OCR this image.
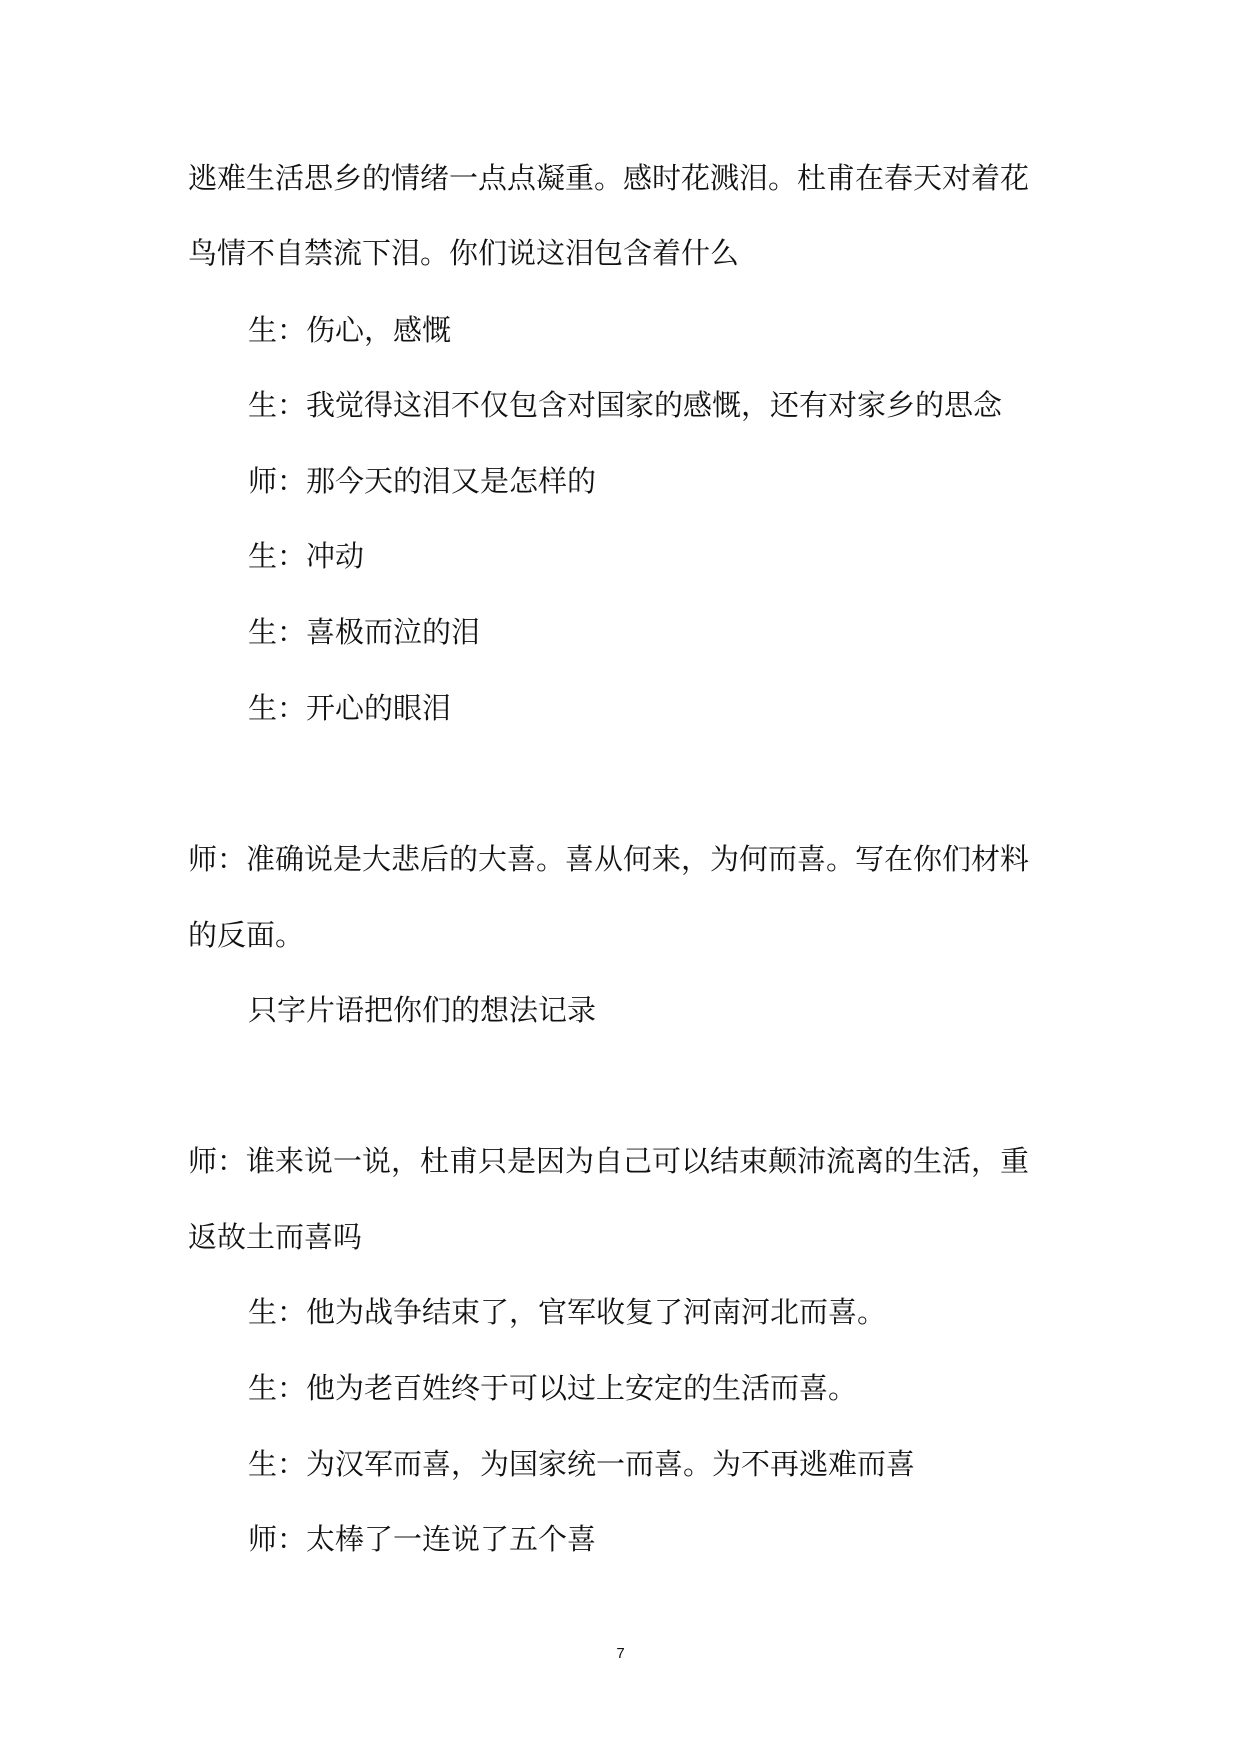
逃难生活思乡的情绪一点点凝重。感时花溅泪。杜甫在春天对着花
鸟情不自禁流下泪。你们说这泪包含着什么
生：伤心，感慨
生：我觉得这泪不仅包含对国家的感慨，还有对家乡的思念
师：那今天的泪又是怎样的
生：冲动
生：喜极而泣的泪
生：开心的眼泪
师：准确说是大悲后的大喜。喜从何来，为何而喜。写在你们材料
的反面。
只字片语把你们的想法记录
师：谁来说一说，杜甫只是因为自己可以结束颠沛流离的生活，重
返故土而喜吗
生：他为战争结束了，官军收复了河南河北而喜。
生：他为老百姓终于可以过上安定的生活而喜。
生：为汉军而喜，为国家统一而喜。为不再逃难而喜
师：太棒了一连说了五个喜
7
